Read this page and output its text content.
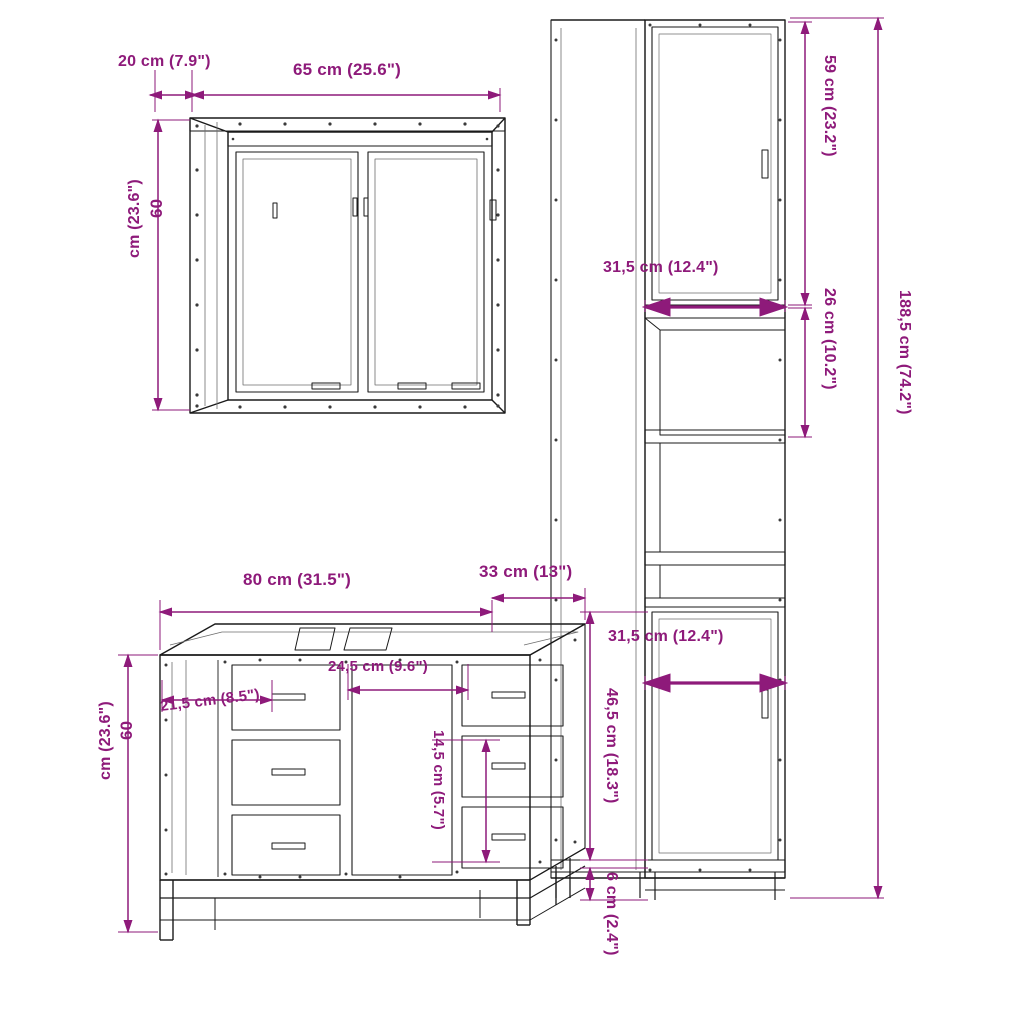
20 cm (7.9")	65 cm (25.6")
60
cm (23.6")
59 cm (23.2")
26 cm (10.2")	188,5 cm (74.2")
31,5 cm (12.4")
31,5 cm (12.4")
46,5 cm (18.3")
6 cm (2.4")
80 cm (31.5")	33 cm (13")
60
cm (23.6")
24,5 cm (9.6")
21,5 cm (8.5")
14,5 cm (5.7")
